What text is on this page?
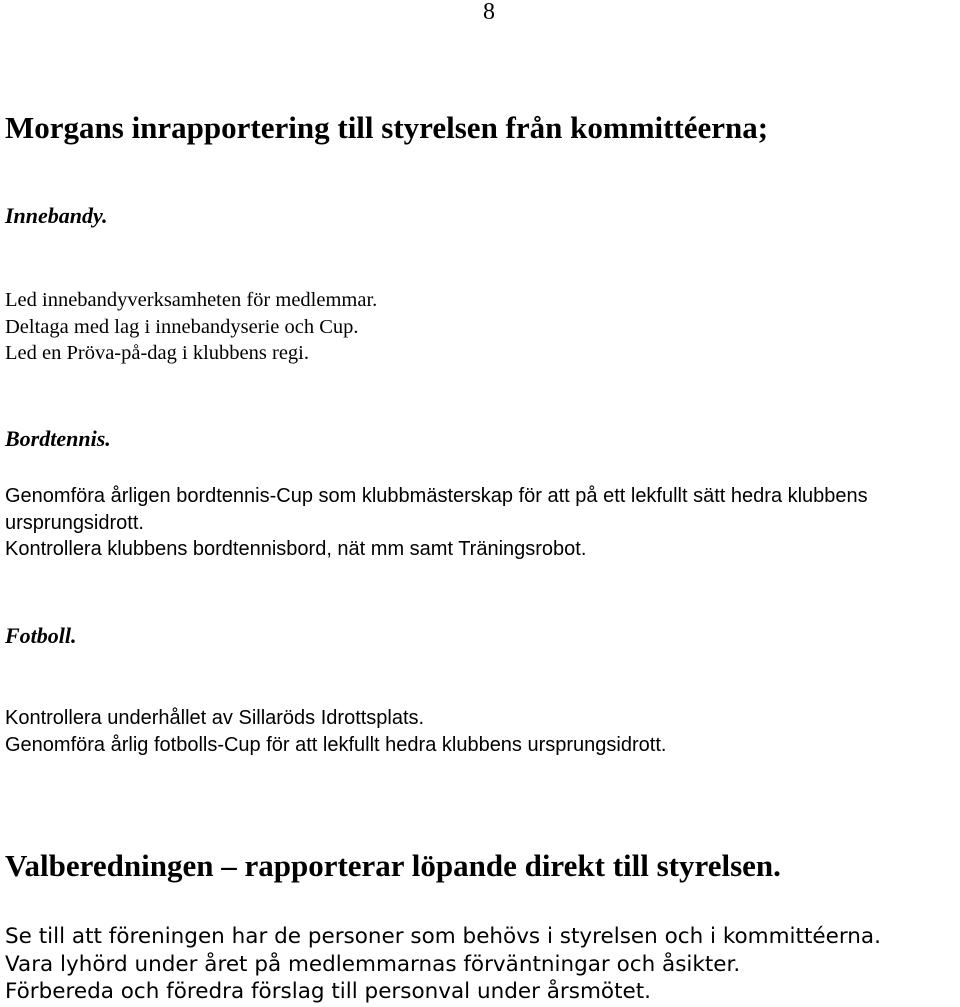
8
Morgans inrapportering till styrelsen från kommittéerna;
Innebandy.
Led innebandyverksamheten för medlemmar.
Deltaga med lag i innebandyserie och Cup.
Led en Pröva-på-dag i klubbens regi.
Bordtennis.
Genomföra årligen bordtennis-Cup som klubbmästerskap för att på ett lekfullt sätt hedra klubbens
ursprungsidrott.
Kontrollera klubbens bordtennisbord, nät mm samt Träningsrobot.
Fotboll.
Kontrollera underhållet av Sillaröds Idrottsplats.
Genomföra årlig fotbolls-Cup för att lekfullt hedra klubbens ursprungsidrott.
Valberedningen – rapporterar löpande direkt till styrelsen.
Se till att föreningen har de personer som behövs i styrelsen och i kommittéerna.
Vara lyhörd under året på medlemmarnas förväntningar och åsikter.
Förbereda och föredra förslag till personval under årsmötet.
